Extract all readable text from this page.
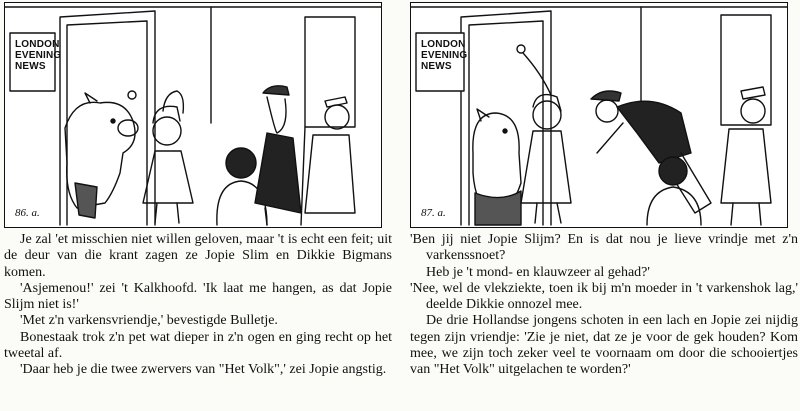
LONDON
EVENING
NEWS
86. a.

Je zal 'et misschien niet willen geloven, maar 't is echt een feit; uit de deur van die krant zagen ze Jopie Slim en Dikkie Bigmans komen.

'Asjemenou!' zei 't Kalkhoofd. 'Ik laat me hangen, as dat Jopie Slijm niet is!'

'Met z'n varkensvriendje,' bevestigde Bulletje.

Bonestaak trok z'n pet wat dieper in z'n ogen en ging recht op het tweetal af.

'Daar heb je die twee zwervers van "Het Volk",' zei Jopie angstig.

LONDON
EVENING
NEWS
87. a.

'Ben jij niet Jopie Slijm? En is dat nou je lieve vrindje met z'n varkenssnoet?

Heb je 't mond- en klauwzeer al gehad?'

'Nee, wel de vlekziekte, toen ik bij m'n moeder in 't varkenshok lag,' deelde Dikkie onnozel mee.

De drie Hollandse jongens schoten in een lach en Jopie zei nijdig tegen zijn vriendje: 'Zie je niet, dat ze je voor de gek houden? Kom mee, we zijn toch zeker veel te voornaam om door die schooiertjes van "Het Volk" uitgelachen te worden?'
